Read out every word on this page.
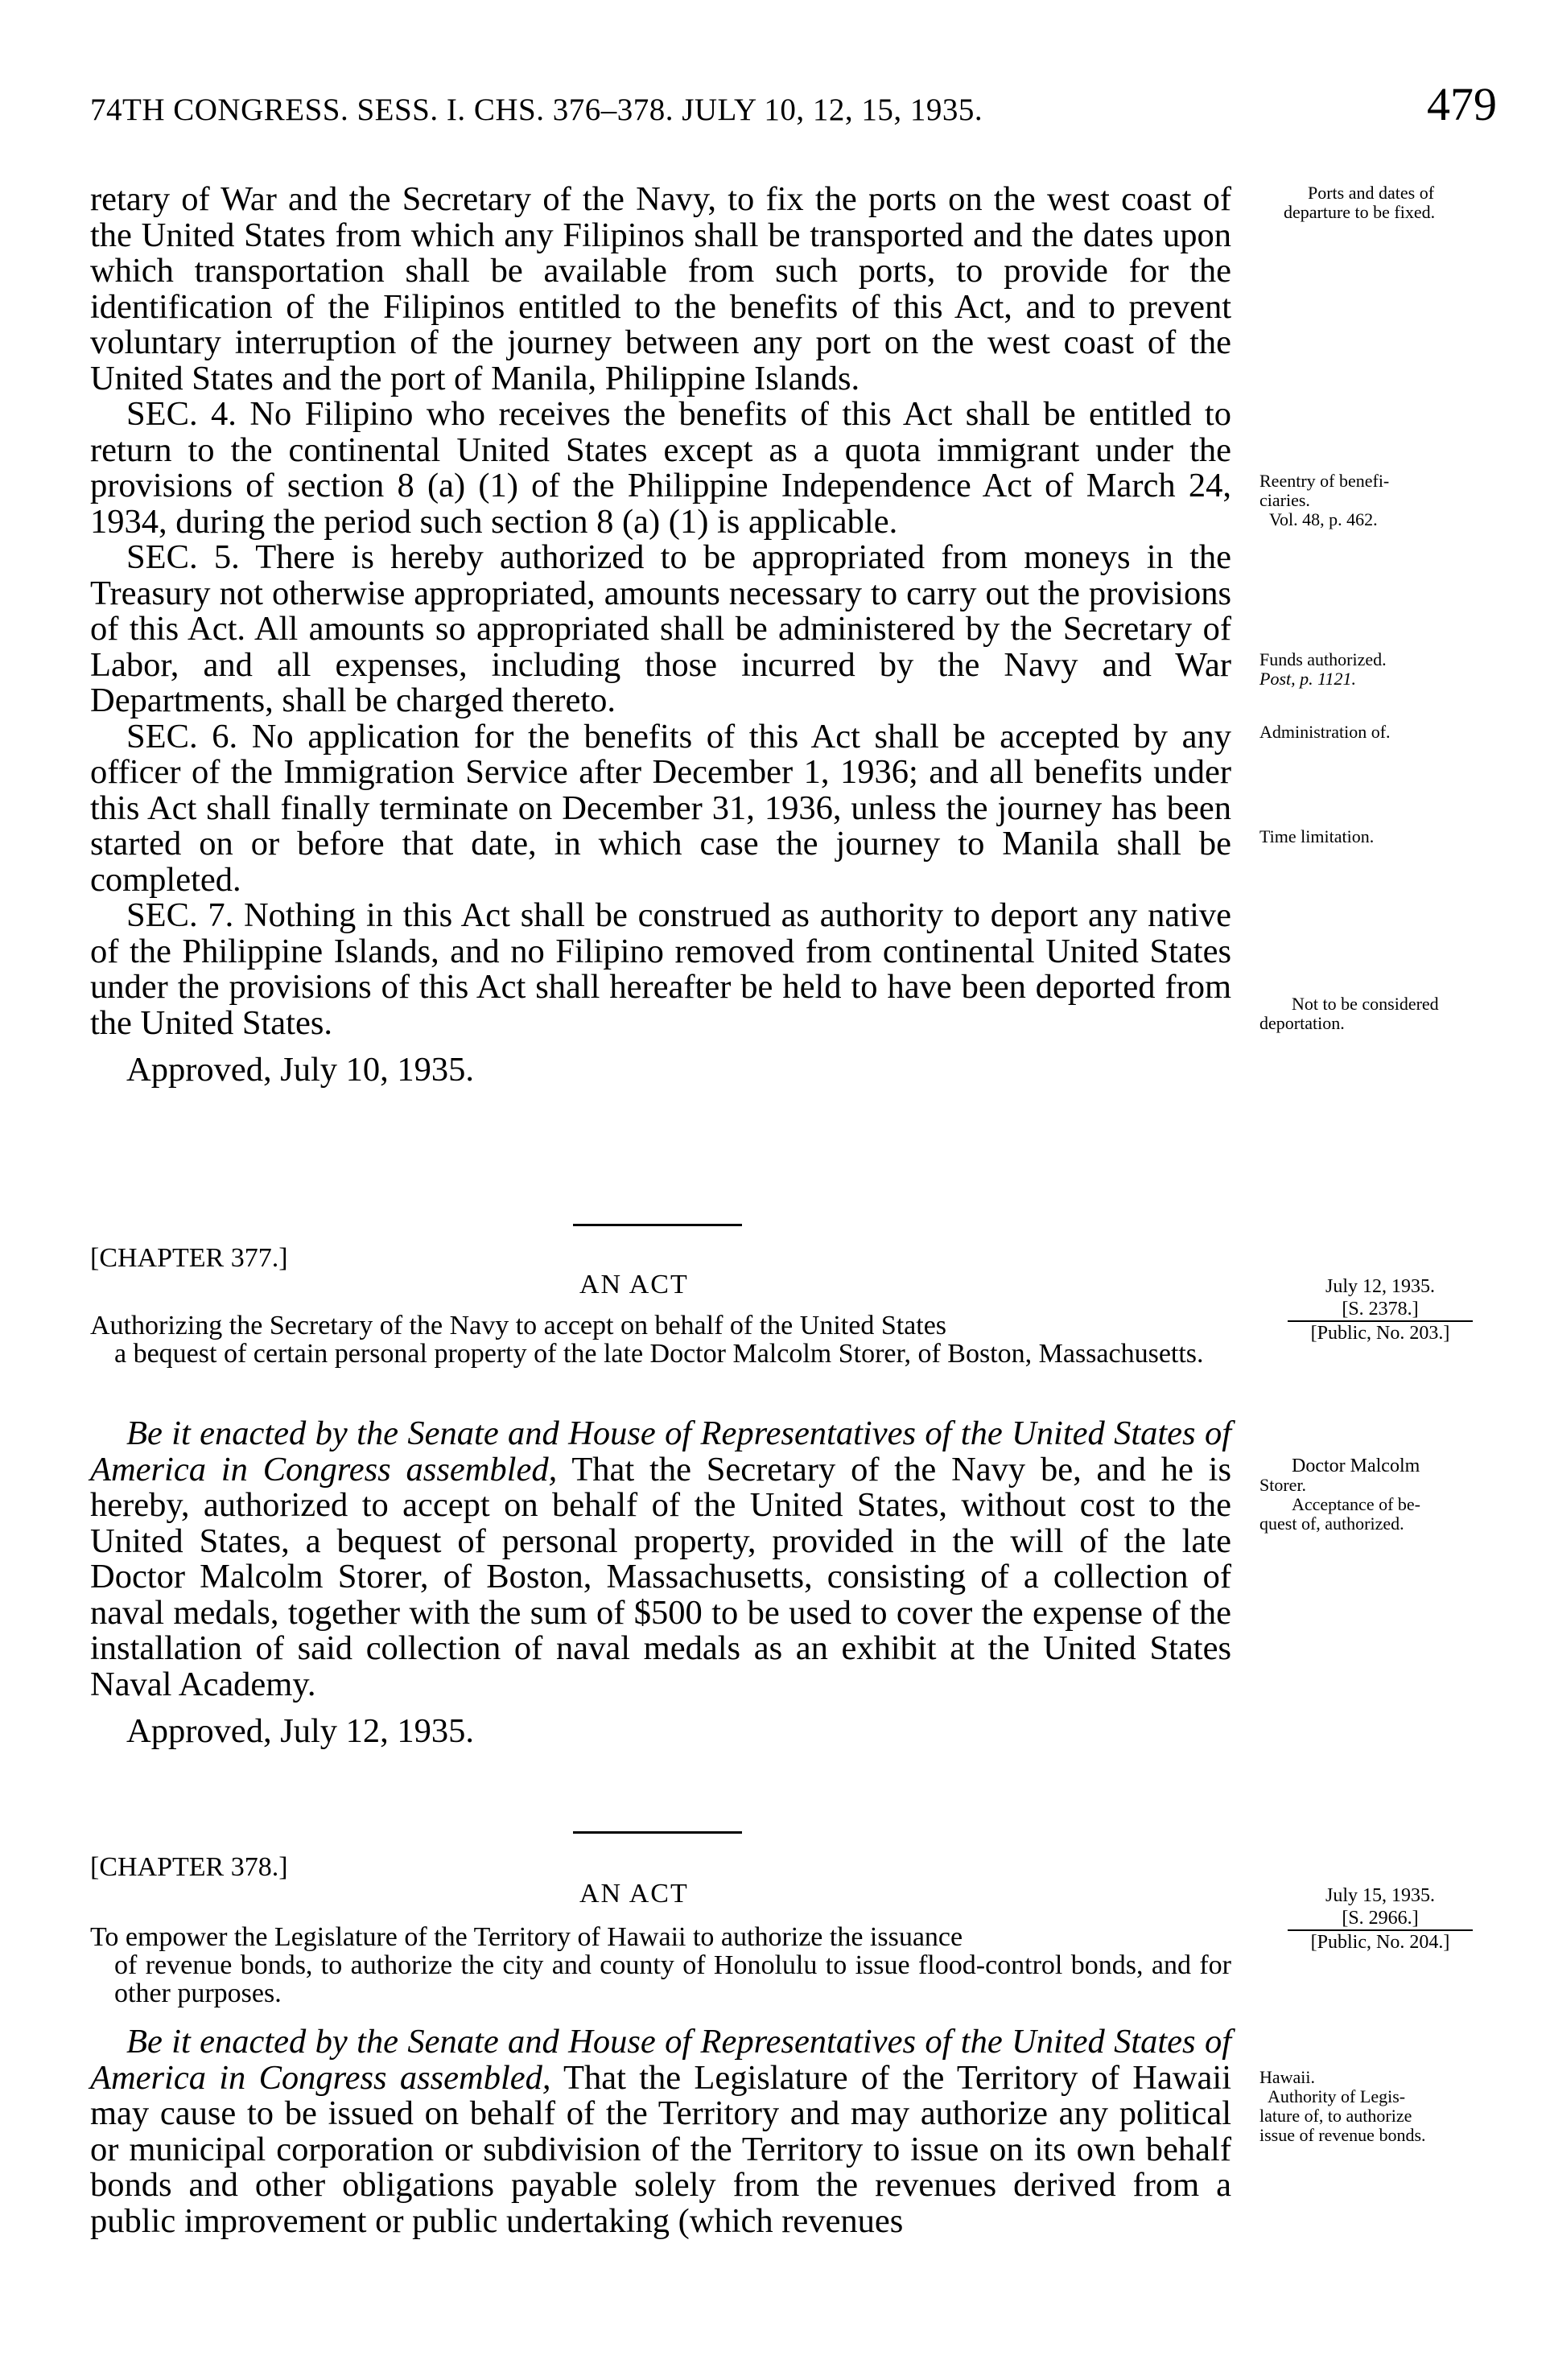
74TH CONGRESS. SESS. I. CHS. 376–378. JULY 10, 12, 15, 1935.	479

retary of War and the Secretary of the Navy, to fix the ports on the west coast of the United States from which any Filipinos shall be transported and the dates upon which transportation shall be available from such ports, to provide for the identification of the Filipinos entitled to the benefits of this Act, and to prevent voluntary interruption of the journey between any port on the west coast of the United States and the port of Manila, Philippine Islands.

SEC. 4. No Filipino who receives the benefits of this Act shall be entitled to return to the continental United States except as a quota immigrant under the provisions of section 8 (a) (1) of the Philippine Independence Act of March 24, 1934, during the period such section 8 (a) (1) is applicable.

SEC. 5. There is hereby authorized to be appropriated from moneys in the Treasury not otherwise appropriated, amounts necessary to carry out the provisions of this Act. All amounts so appropriated shall be administered by the Secretary of Labor, and all expenses, including those incurred by the Navy and War Departments, shall be charged thereto.

SEC. 6. No application for the benefits of this Act shall be accepted by any officer of the Immigration Service after December 1, 1936; and all benefits under this Act shall finally terminate on December 31, 1936, unless the journey has been started on or before that date, in which case the journey to Manila shall be completed.

SEC. 7. Nothing in this Act shall be construed as authority to deport any native of the Philippine Islands, and no Filipino removed from continental United States under the provisions of this Act shall hereafter be held to have been deported from the United States.

Approved, July 10, 1935.

Ports and dates of
departure to be fixed.
Reentry of benefi-
ciaries.
Vol. 48, p. 462.
Funds authorized.
Post, p. 1121.
Administration of.
Time limitation.
Not to be considered
deportation.
[CHAPTER 377.]
AN ACT	July 12, 1935.
[S. 2378.]
[Public, No. 203.]
Authorizing the Secretary of the Navy to accept on behalf of the United States
a bequest of certain personal property of the late Doctor Malcolm Storer, of Boston, Massachusetts.

Be it enacted by the Senate and House of Representatives of the United States of America in Congress assembled, That the Secretary of the Navy be, and he is hereby, authorized to accept on behalf of the United States, without cost to the United States, a bequest of personal property, provided in the will of the late Doctor Malcolm Storer, of Boston, Massachusetts, consisting of a collection of naval medals, together with the sum of $500 to be used to cover the expense of the installation of said collection of naval medals as an exhibit at the United States Naval Academy.

Approved, July 12, 1935.

Doctor Malcolm
Storer.
Acceptance of be-
quest of, authorized.
[CHAPTER 378.]
AN ACT	July 15, 1935.
[S. 2966.]
[Public, No. 204.]
To empower the Legislature of the Territory of Hawaii to authorize the issuance
of revenue bonds, to authorize the city and county of Honolulu to issue flood-control bonds, and for other purposes.

Be it enacted by the Senate and House of Representatives of the United States of America in Congress assembled, That the Legislature of the Territory of Hawaii may cause to be issued on behalf of the Territory and may authorize any political or municipal corporation or subdivision of the Territory to issue on its own behalf bonds and other obligations payable solely from the revenues derived from a public improvement or public undertaking (which revenues

Hawaii.
Authority of Legis-
lature of, to authorize
issue of revenue bonds.
